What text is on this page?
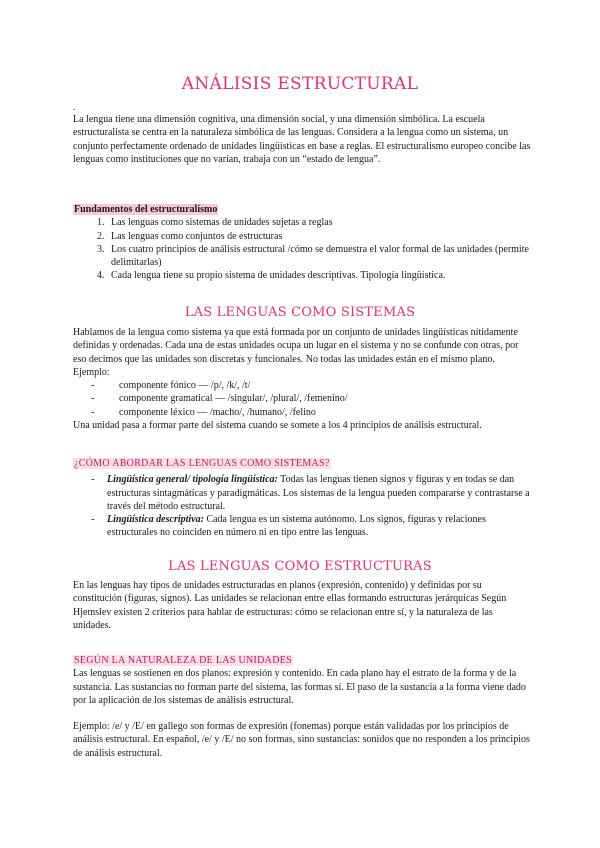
ANÁLISIS ESTRUCTURAL
.

La lengua tiene una dimensión cognitiva, una dimensión social, y una dimensión simbólica. La escuela estructuralista se centra en la naturaleza simbólica de las lenguas. Considera a la lengua como un sistema, un conjunto perfectamente ordenado de unidades lingüísticas en base a reglas. El estructuralismo europeo concibe las lenguas como instituciones que no varían, trabaja con un “estado de lengua”.

Fundamentos del estructuralismo

1. Las lenguas como sistemas de unidades sujetas a reglas
2. Las lenguas como conjuntos de estructuras
3. Los cuatro principios de análisis estructural /cómo se demuestra el valor formal de las unidades (permite delimitarlas)
4. Cada lengua tiene su propio sistema de unidades descriptivas. Tipología lingüística.
LAS LENGUAS COMO SISTEMAS

Hablamos de la lengua como sistema ya que está formada por un conjunto de unidades lingüísticas nítidamente definidas y ordenadas. Cada una de estas unidades ocupa un lugar en el sistema y no se confunde con otras, por eso decimos que las unidades son discretas y funcionales. No todas las unidades están en el mismo plano. Ejemplo:

- componente fónico — /p/, /k/, /t/
- componente gramatical — /singular/, /plural/, /femenino/
- componente léxico — /macho/, /humano/, /felino

Una unidad pasa a formar parte del sistema cuando se somete a los 4 principios de análisis estructural.

¿CÓMO ABORDAR LAS LENGUAS COMO SISTEMAS?

- Lingüística general/ tipología lingüística: Todas las lenguas tienen signos y figuras y en todas se dan estructuras sintagmáticas y paradigmáticas. Los sistemas de la lengua pueden compararse y contrastarse a través del método estructural.
- Lingüística descriptiva: Cada lengua es un sistema autónomo. Los signos, figuras y relaciones estructurales no coinciden en número ni en tipo entre las lenguas.
LAS LENGUAS COMO ESTRUCTURAS

En las lenguas hay tipos de unidades estructuradas en planos (expresión, contenido) y definidas por su constitución (figuras, signos). Las unidades se relacionan entre ellas formando estructuras jerárquicas Según Hjemslev existen 2 criterios para hablar de estructuras: cómo se relacionan entre sí, y la naturaleza de las unidades.

SEGÚN LA NATURALEZA DE LAS UNIDADES

Las lenguas se sostienen en dos planos: expresión y contenido. En cada plano hay el estrato de la forma y de la sustancia. Las sustancias no forman parte del sistema, las formas sí. El paso de la sustancia a la forma viene dado por la aplicación de los sistemas de análisis estructural.

Ejemplo: /e/ y /E/ en gallego son formas de expresión (fonemas) porque están validadas por los principios de análisis estructural. En español, /e/ y /E/ no son formas, sino sustancias: sonidos que no responden a los principios de análisis estructural.
